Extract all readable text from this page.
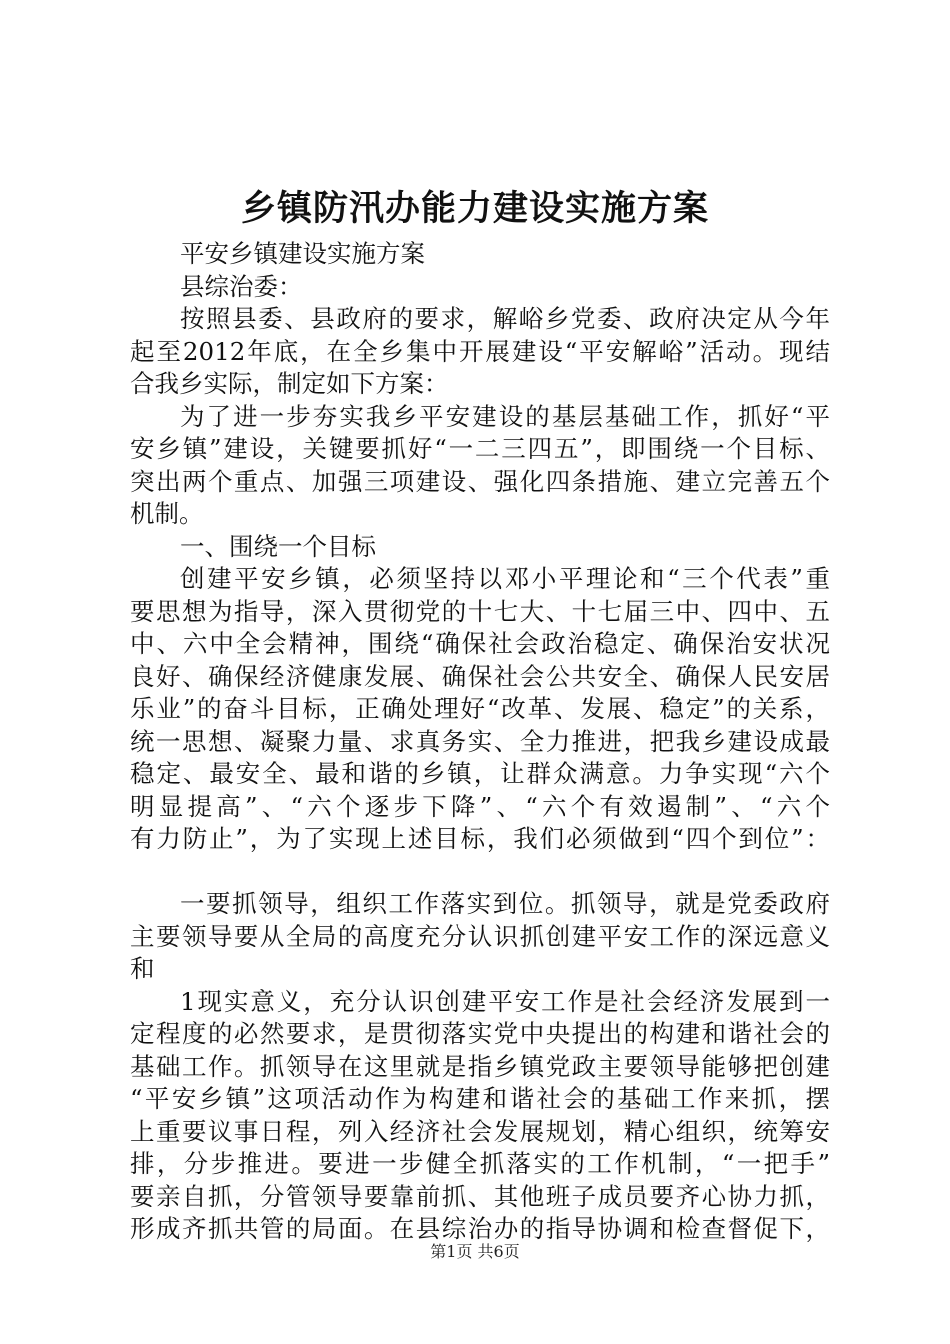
乡镇防汛办能力建设实施方案
平安乡镇建设实施方案
县综治委：
按照县委、县政府的要求，解峪乡党委、政府决定从今年
起至2012年底，在全乡集中开展建设“平安解峪”活动。现结
合我乡实际，制定如下方案：
为了进一步夯实我乡平安建设的基层基础工作，抓好“平
安乡镇”建设，关键要抓好“一二三四五”，即围绕一个目标、
突出两个重点、加强三项建设、强化四条措施、建立完善五个
机制。
一、围绕一个目标
创建平安乡镇，必须坚持以邓小平理论和“三个代表”重
要思想为指导，深入贯彻党的十七大、十七届三中、四中、五
中、六中全会精神，围绕“确保社会政治稳定、确保治安状况
良好、确保经济健康发展、确保社会公共安全、确保人民安居
乐业”的奋斗目标，正确处理好“改革、发展、稳定”的关系，
统一思想、凝聚力量、求真务实、全力推进，把我乡建设成最
稳定、最安全、最和谐的乡镇，让群众满意。力争实现“六个
明显提高”、“六个逐步下降”、“六个有效遏制”、“六个
有力防止”，为了实现上述目标，我们必须做到“四个到位”：
一要抓领导，组织工作落实到位。抓领导，就是党委政府
主要领导要从全局的高度充分认识抓创建平安工作的深远意义
和
1现实意义，充分认识创建平安工作是社会经济发展到一
定程度的必然要求，是贯彻落实党中央提出的构建和谐社会的
基础工作。抓领导在这里就是指乡镇党政主要领导能够把创建
“平安乡镇”这项活动作为构建和谐社会的基础工作来抓，摆
上重要议事日程，列入经济社会发展规划，精心组织，统筹安
排，分步推进。要进一步健全抓落实的工作机制，“一把手”
要亲自抓，分管领导要靠前抓、其他班子成员要齐心协力抓，
形成齐抓共管的局面。在县综治办的指导协调和检查督促下，
第1页 共6页
